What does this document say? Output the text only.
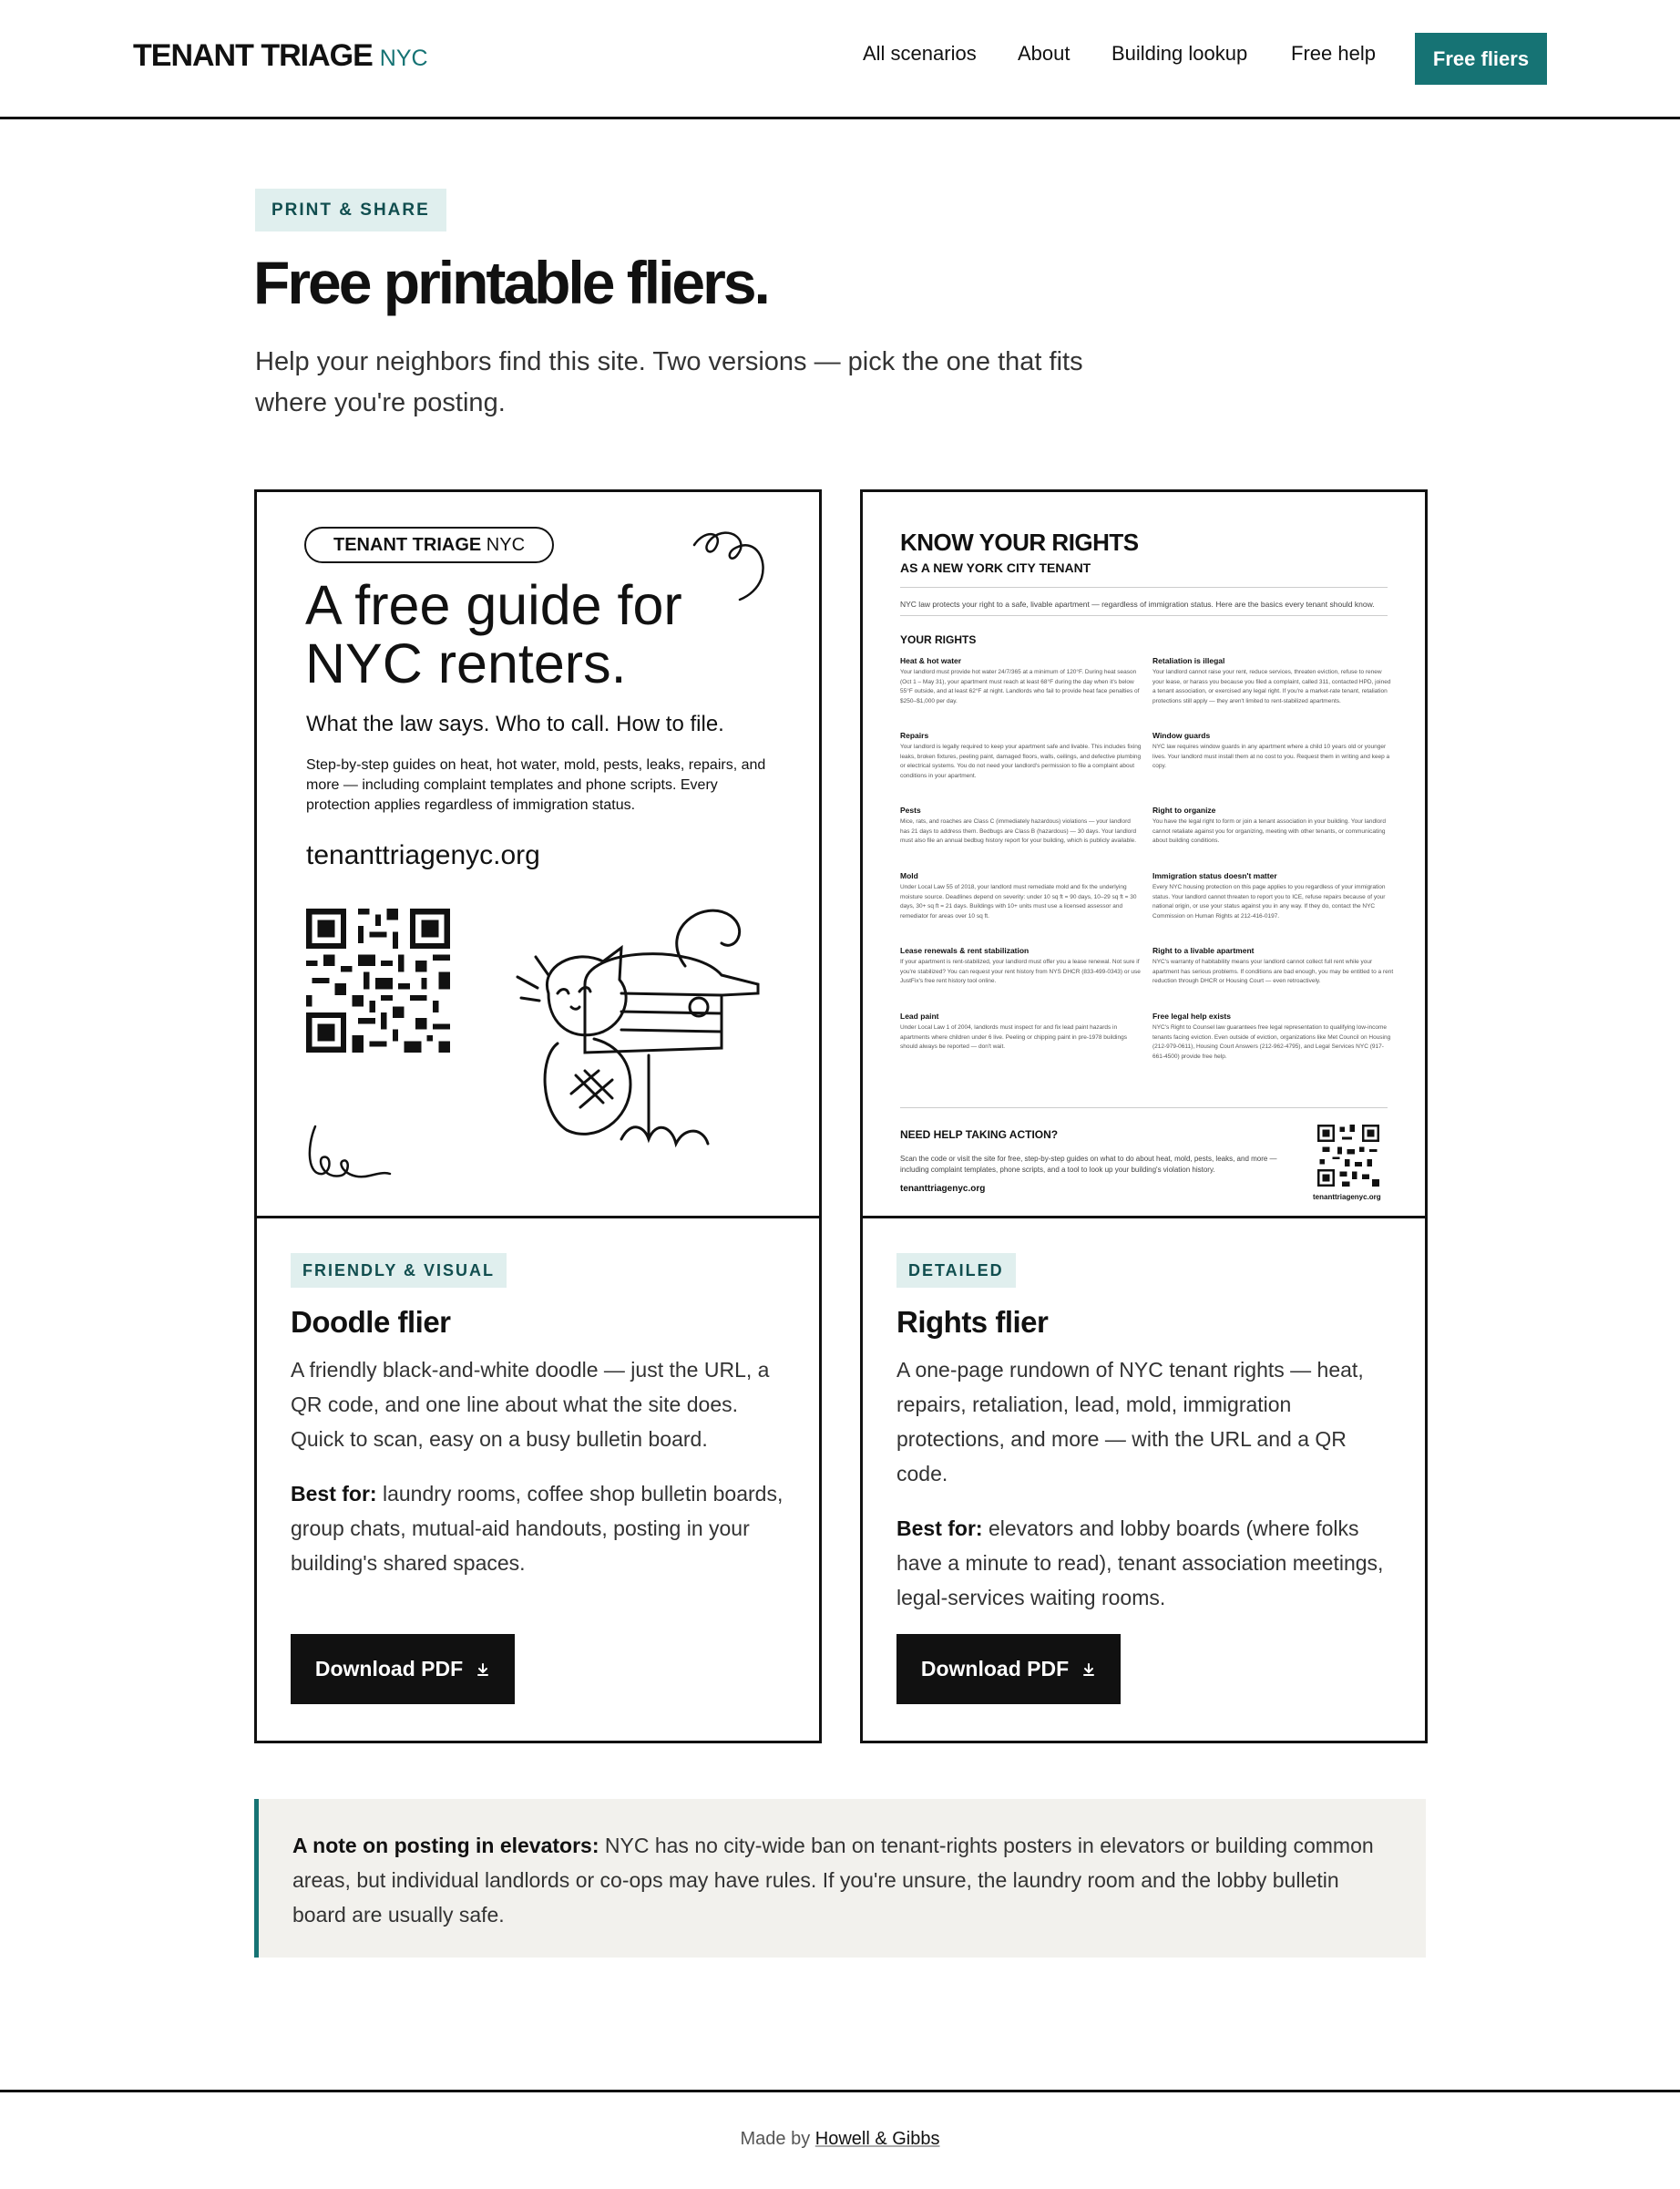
TENANT TRIAGE NYC	All scenarios About Building lookup Free help	Free fliers
PRINT & SHARE
Free printable fliers.

Help your neighbors find this site. Two versions — pick the one that fits where you're posting.

TENANT TRIAGE NYC
A free guide for
NYC renters.
What the law says. Who to call. How to file.
Step-by-step guides on heat, hot water, mold, pests, leaks, repairs, and more — including complaint templates and phone scripts. Every protection applies regardless of immigration status.
tenanttriagenyc.org
FRIENDLY & VISUAL
Doodle flier

A friendly black-and-white doodle — just the URL, a QR code, and one line about what the site does. Quick to scan, easy on a busy bulletin board.

Best for: laundry rooms, coffee shop bulletin boards, group chats, mutual-aid handouts, posting in your building's shared spaces.

Download PDF
KNOW YOUR RIGHTS
AS A NEW YORK CITY TENANT
NYC law protects your right to a safe, livable apartment — regardless of immigration status. Here are the basics every tenant should know.
YOUR RIGHTS
Heat & hot water
Your landlord must provide hot water 24/7/365 at a minimum of 120°F. During heat season (Oct 1 – May 31), your apartment must reach at least 68°F during the day when it's below 55°F outside, and at least 62°F at night. Landlords who fail to provide heat face penalties of $250–$1,000 per day.
Repairs
Your landlord is legally required to keep your apartment safe and livable. This includes fixing leaks, broken fixtures, peeling paint, damaged floors, walls, ceilings, and defective plumbing or electrical systems. You do not need your landlord's permission to file a complaint about conditions in your apartment.
Pests
Mice, rats, and roaches are Class C (immediately hazardous) violations — your landlord has 21 days to address them. Bedbugs are Class B (hazardous) — 30 days. Your landlord must also file an annual bedbug history report for your building, which is publicly available.
Mold
Under Local Law 55 of 2018, your landlord must remediate mold and fix the underlying moisture source. Deadlines depend on severity: under 10 sq ft = 90 days, 10–29 sq ft = 30 days, 30+ sq ft = 21 days. Buildings with 10+ units must use a licensed assessor and remediator for areas over 10 sq ft.
Lease renewals & rent stabilization
If your apartment is rent-stabilized, your landlord must offer you a lease renewal. Not sure if you're stabilized? You can request your rent history from NYS DHCR (833-499-0343) or use JustFix's free rent history tool online.
Lead paint
Under Local Law 1 of 2004, landlords must inspect for and fix lead paint hazards in apartments where children under 6 live. Peeling or chipping paint in pre-1978 buildings should always be reported — don't wait.
Retaliation is illegal
Your landlord cannot raise your rent, reduce services, threaten eviction, refuse to renew your lease, or harass you because you filed a complaint, called 311, contacted HPD, joined a tenant association, or exercised any legal right. If you're a market-rate tenant, retaliation protections still apply — they aren't limited to rent-stabilized apartments.
Window guards
NYC law requires window guards in any apartment where a child 10 years old or younger lives. Your landlord must install them at no cost to you. Request them in writing and keep a copy.
Right to organize
You have the legal right to form or join a tenant association in your building. Your landlord cannot retaliate against you for organizing, meeting with other tenants, or communicating about building conditions.
Immigration status doesn't matter
Every NYC housing protection on this page applies to you regardless of your immigration status. Your landlord cannot threaten to report you to ICE, refuse repairs because of your national origin, or use your status against you in any way. If they do, contact the NYC Commission on Human Rights at 212-416-0197.
Right to a livable apartment
NYC's warranty of habitability means your landlord cannot collect full rent while your apartment has serious problems. If conditions are bad enough, you may be entitled to a rent reduction through DHCR or Housing Court — even retroactively.
Free legal help exists
NYC's Right to Counsel law guarantees free legal representation to qualifying low-income tenants facing eviction. Even outside of eviction, organizations like Met Council on Housing (212-979-0611), Housing Court Answers (212-962-4795), and Legal Services NYC (917-661-4500) provide free help.
NEED HELP TAKING ACTION?
Scan the code or visit the site for free, step-by-step guides on what to do about heat, mold, pests, leaks, and more — including complaint templates, phone scripts, and a tool to look up your building's violation history.
tenanttriagenyc.org
tenanttriagenyc.org
DETAILED
Rights flier

A one-page rundown of NYC tenant rights — heat, repairs, retaliation, lead, mold, immigration protections, and more — with the URL and a QR code.

Best for: elevators and lobby boards (where folks have a minute to read), tenant association meetings, legal-services waiting rooms.

Download PDF
A note on posting in elevators: NYC has no city-wide ban on tenant-rights posters in elevators or building common areas, but individual landlords or co-ops may have rules. If you're unsure, the laundry room and the lobby bulletin board are usually safe.
Made by Howell & Gibbs
